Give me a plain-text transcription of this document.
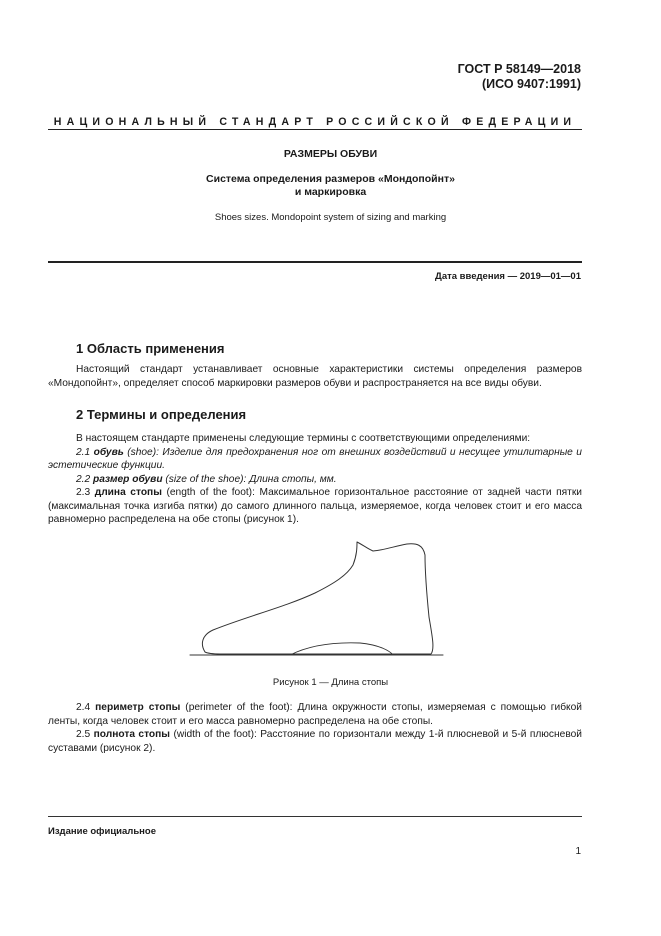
ГОСТ Р 58149—2018
(ИСО 9407:1991)
НАЦИОНАЛЬНЫЙ СТАНДАРТ РОССИЙСКОЙ ФЕДЕРАЦИИ
РАЗМЕРЫ ОБУВИ
Система определения размеров «Мондопойнт»
и маркировка
Shoes sizes. Mondopoint system of sizing and marking
Дата введения — 2019—01—01
1 Область применения

Настоящий стандарт устанавливает основные характеристики системы определения размеров «Мондопойнт», определяет способ маркировки размеров обуви и распространяется на все виды обуви.

2 Термины и определения

В настоящем стандарте применены следующие термины с соответствующими определениями:

2.1 обувь (shoe): Изделие для предохранения ног от внешних воздействий и несущее утилитарные и эстетические функции.

2.2 размер обуви (size of the shoe): Длина стопы, мм.

2.3 длина стопы (ength of the foot): Максимальное горизонтальное расстояние от задней части пятки (максимальная точка изгиба пятки) до самого длинного пальца, измеряемое, когда человек стоит и его масса равномерно распределена на обе стопы (рисунок 1).

Рисунок 1 — Длина стопы

2.4 периметр стопы (perimeter of the foot): Длина окружности стопы, измеряемая с помощью гибкой ленты, когда человек стоит и его масса равномерно распределена на обе стопы.

2.5 полнота стопы (width of the foot): Расстояние по горизонтали между 1-й плюсневой и 5-й плюсневой суставами (рисунок 2).

Издание официальное
1
